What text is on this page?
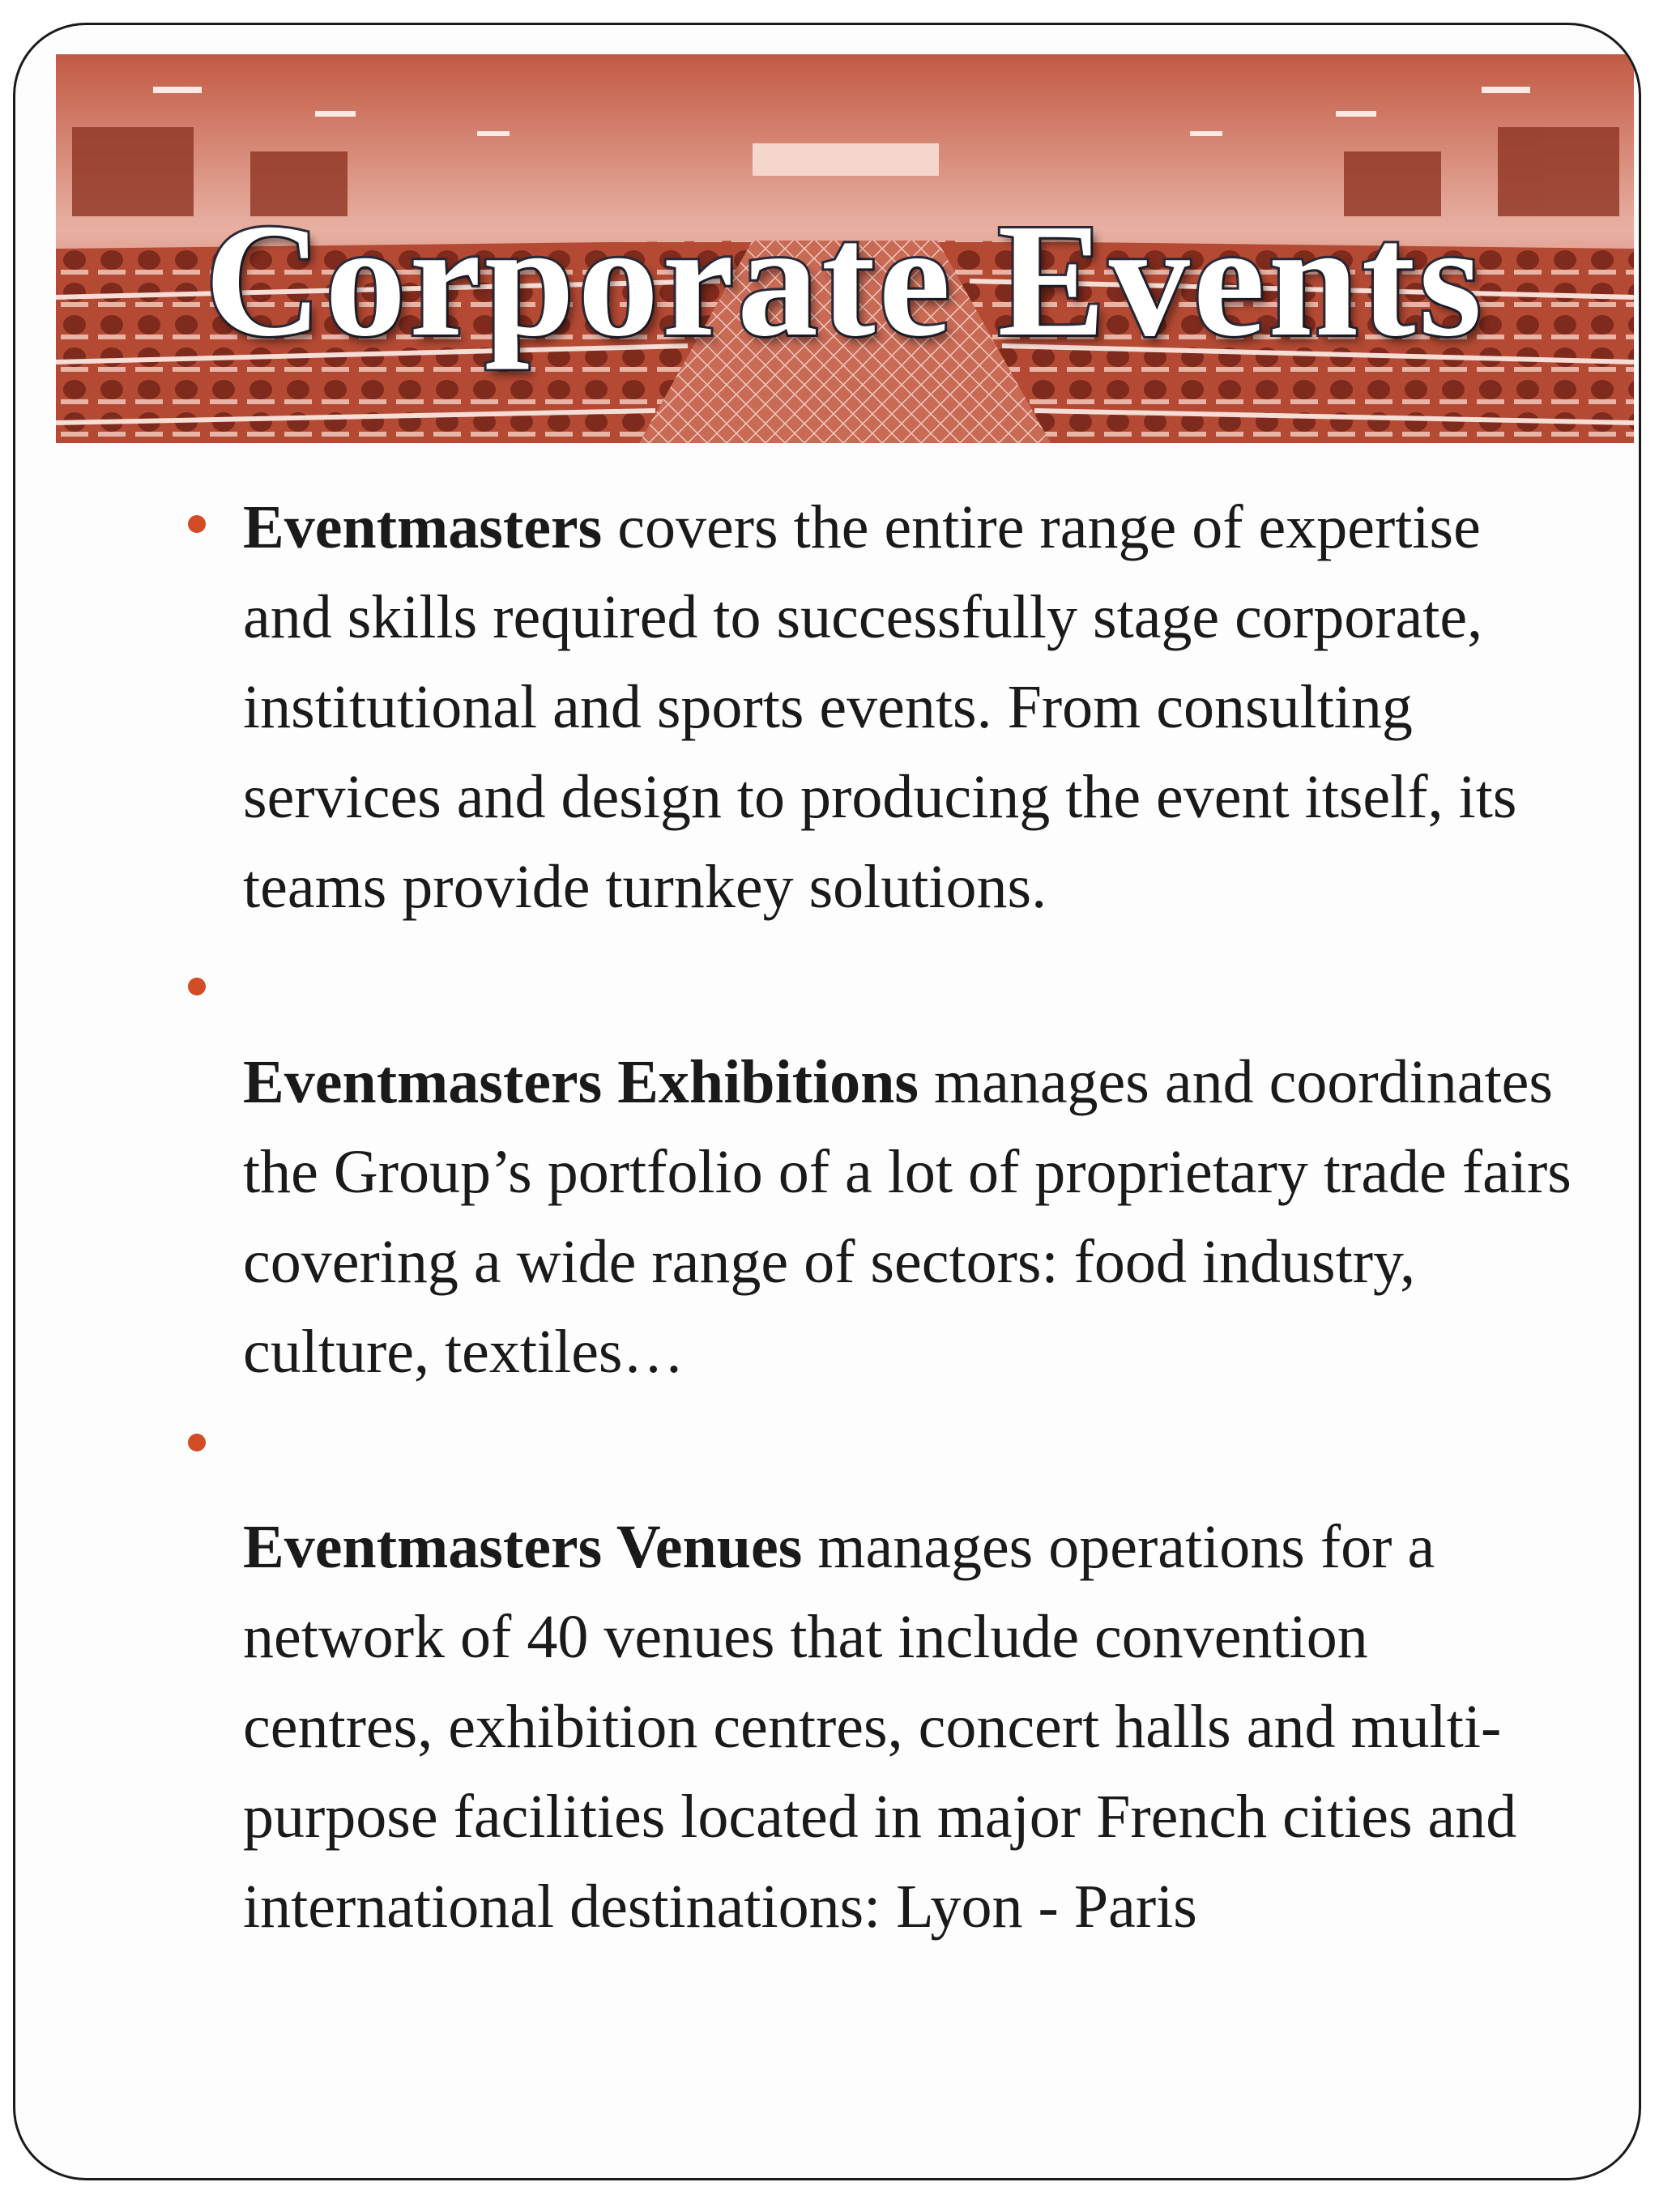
Corporate Events

Eventmasters covers the entire range of expertise and skills required to successfully stage corporate, institutional and sports events. From consulting services and design to producing the event itself, its teams provide turnkey solutions.

Eventmasters Exhibitions manages and coordinates the Group’s portfolio of a lot of proprietary trade fairs covering a wide range of sectors: food industry, culture, textiles…

Eventmasters Venues manages operations for a network of 40 venues that include convention centres, exhibition centres, concert halls and multi-purpose facilities located in major French cities and international destinations: Lyon - Paris
